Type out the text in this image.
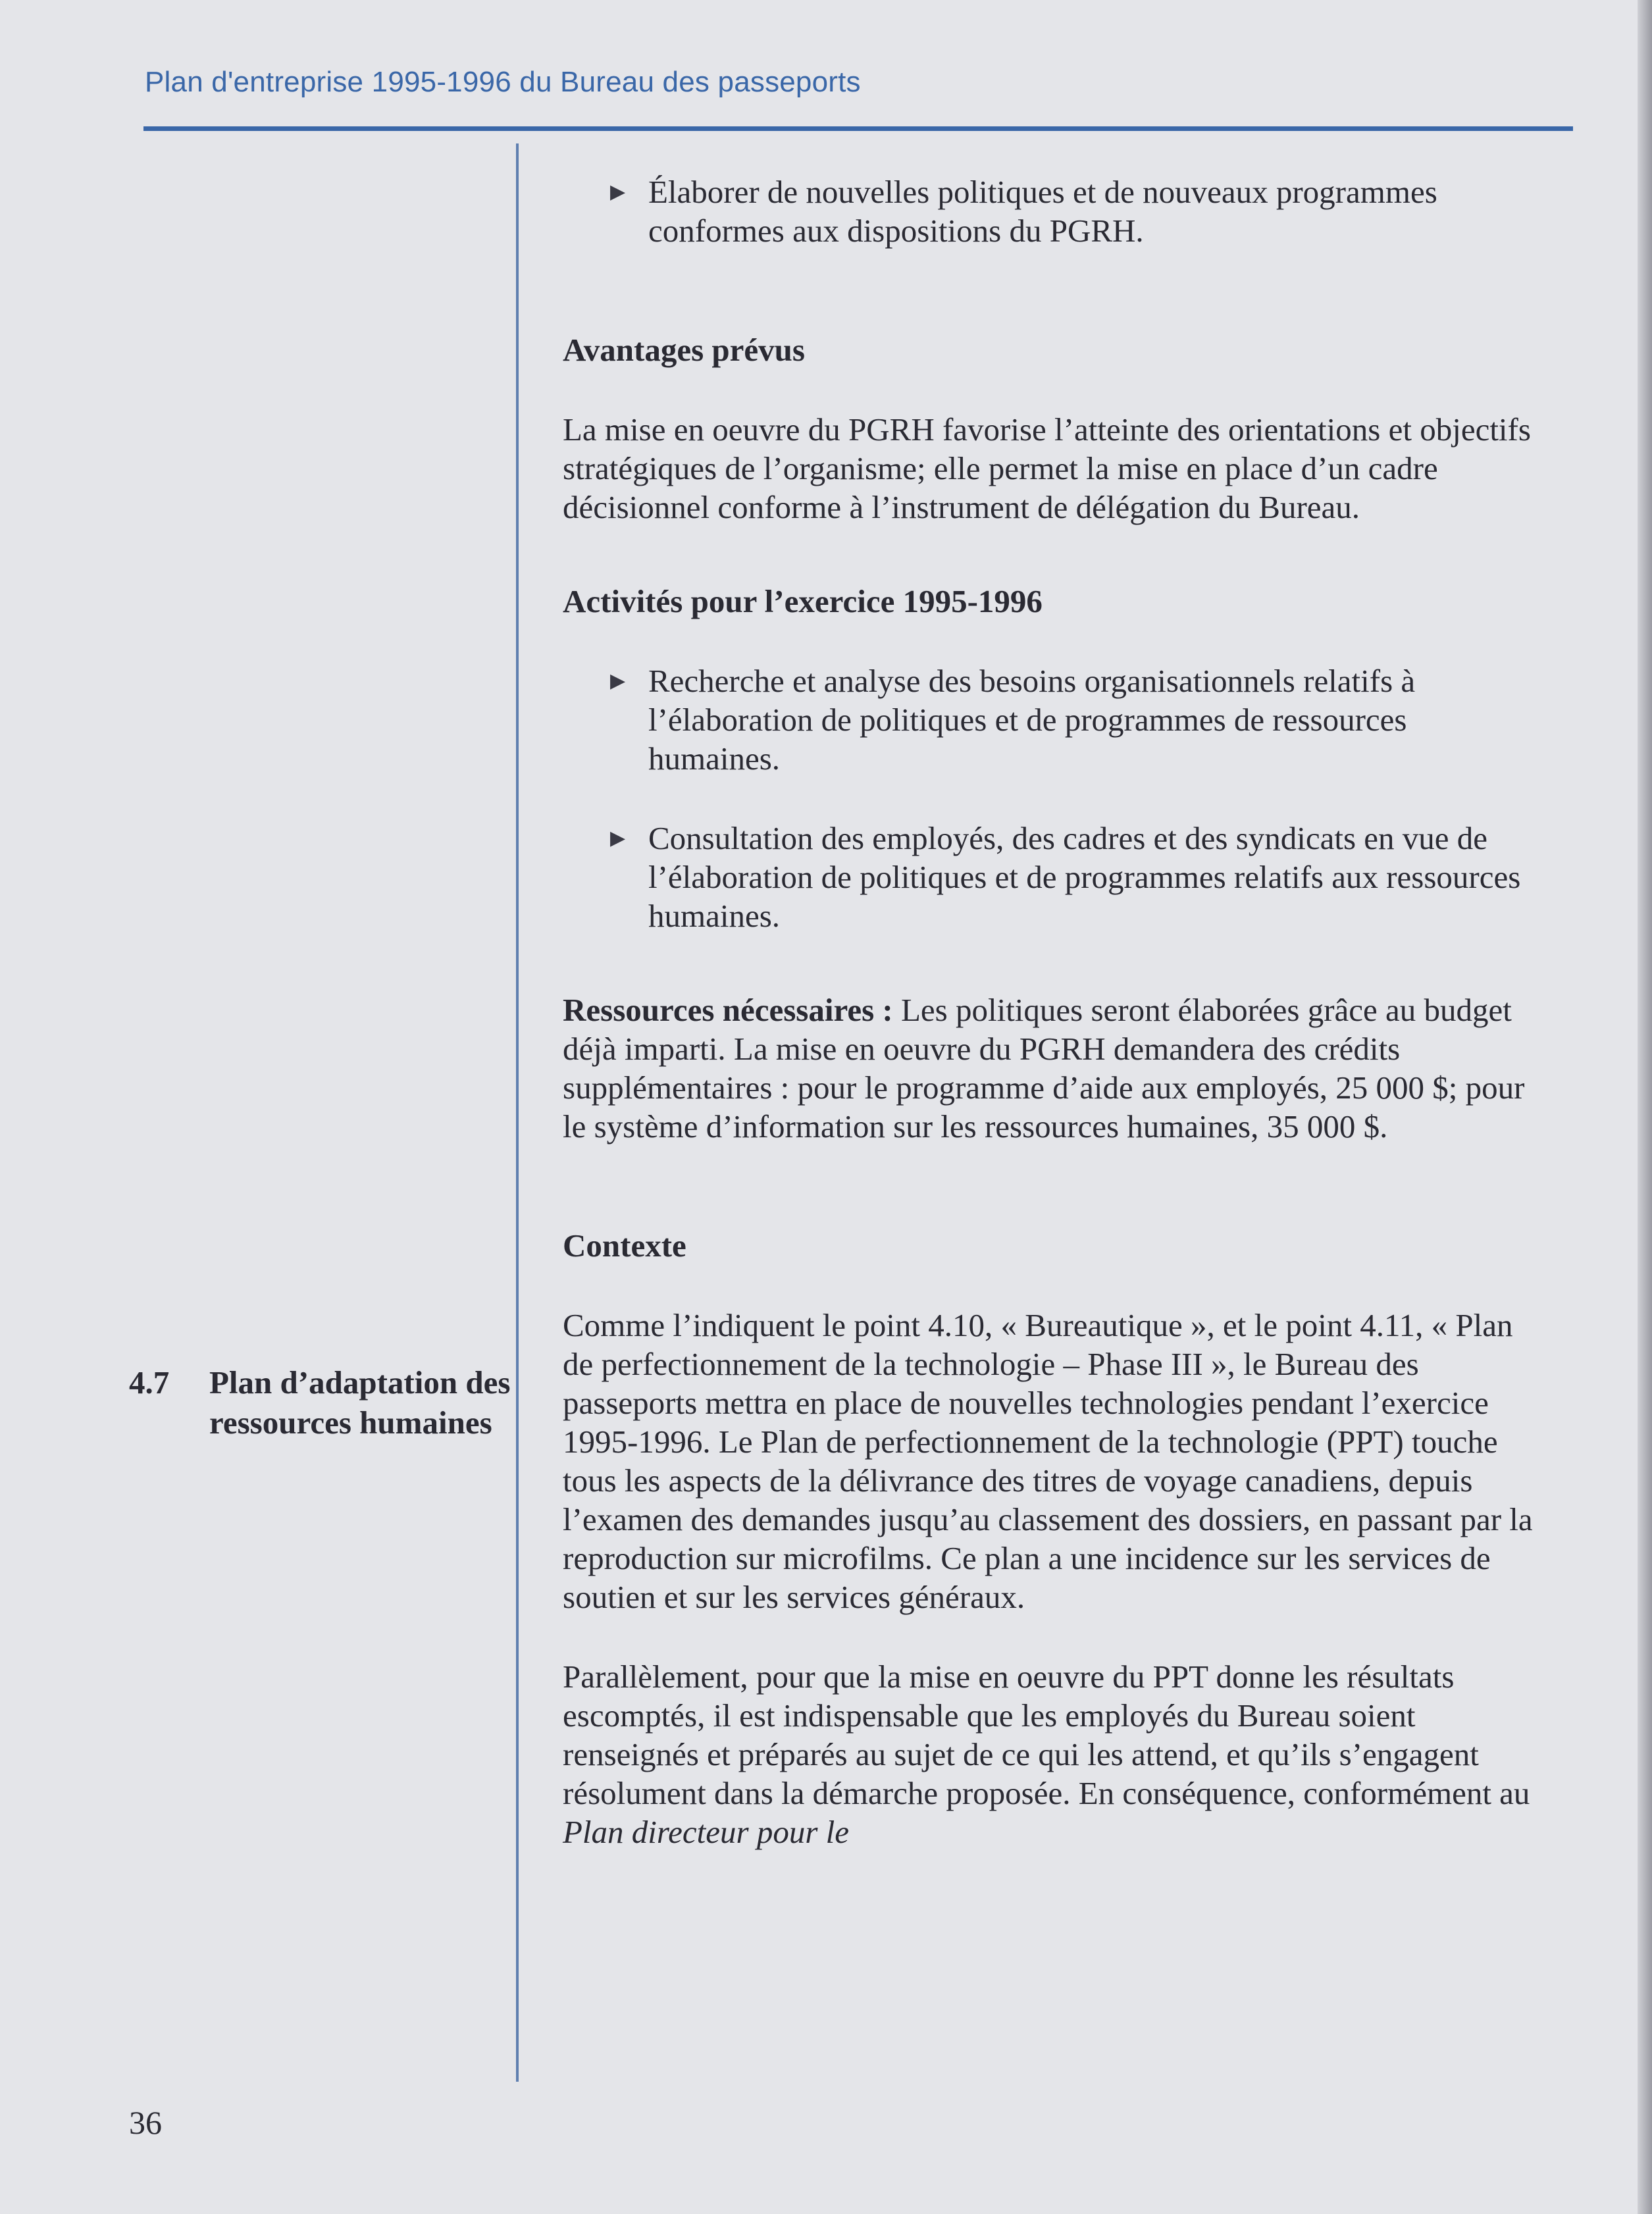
Plan d'entreprise 1995-1996 du Bureau des passeports
4.7 Plan d’adaptation des ressources humaines

▶ Élaborer de nouvelles politiques et de nouveaux programmes conformes aux dispositions du PGRH.

Avantages prévus

La mise en oeuvre du PGRH favorise l’atteinte des orientations et objectifs stratégiques de l’organisme; elle permet la mise en place d’un cadre décisionnel conforme à l’instrument de délégation du Bureau.

Activités pour l’exercice 1995-1996

▶ Recherche et analyse des besoins organisationnels relatifs à l’élaboration de politiques et de programmes de ressources humaines.

▶ Consultation des employés, des cadres et des syndicats en vue de l’élaboration de politiques et de programmes relatifs aux ressources humaines.

Ressources nécessaires : Les politiques seront élaborées grâce au budget déjà imparti. La mise en oeuvre du PGRH demandera des crédits supplémentaires : pour le programme d’aide aux employés, 25 000 $; pour le système d’information sur les ressources humaines, 35 000 $.

Contexte

Comme l’indiquent le point 4.10, « Bureautique », et le point 4.11, « Plan de perfectionnement de la technologie – Phase III », le Bureau des passeports mettra en place de nouvelles technologies pendant l’exercice 1995-1996. Le Plan de perfectionnement de la technologie (PPT) touche tous les aspects de la délivrance des titres de voyage canadiens, depuis l’examen des demandes jusqu’au classement des dossiers, en passant par la reproduction sur microfilms. Ce plan a une incidence sur les services de soutien et sur les services généraux.

Parallèlement, pour que la mise en oeuvre du PPT donne les résultats escomptés, il est indispensable que les employés du Bureau soient renseignés et préparés au sujet de ce qui les attend, et qu’ils s’engagent résolument dans la démarche proposée. En conséquence, conformément au Plan directeur pour le

36
